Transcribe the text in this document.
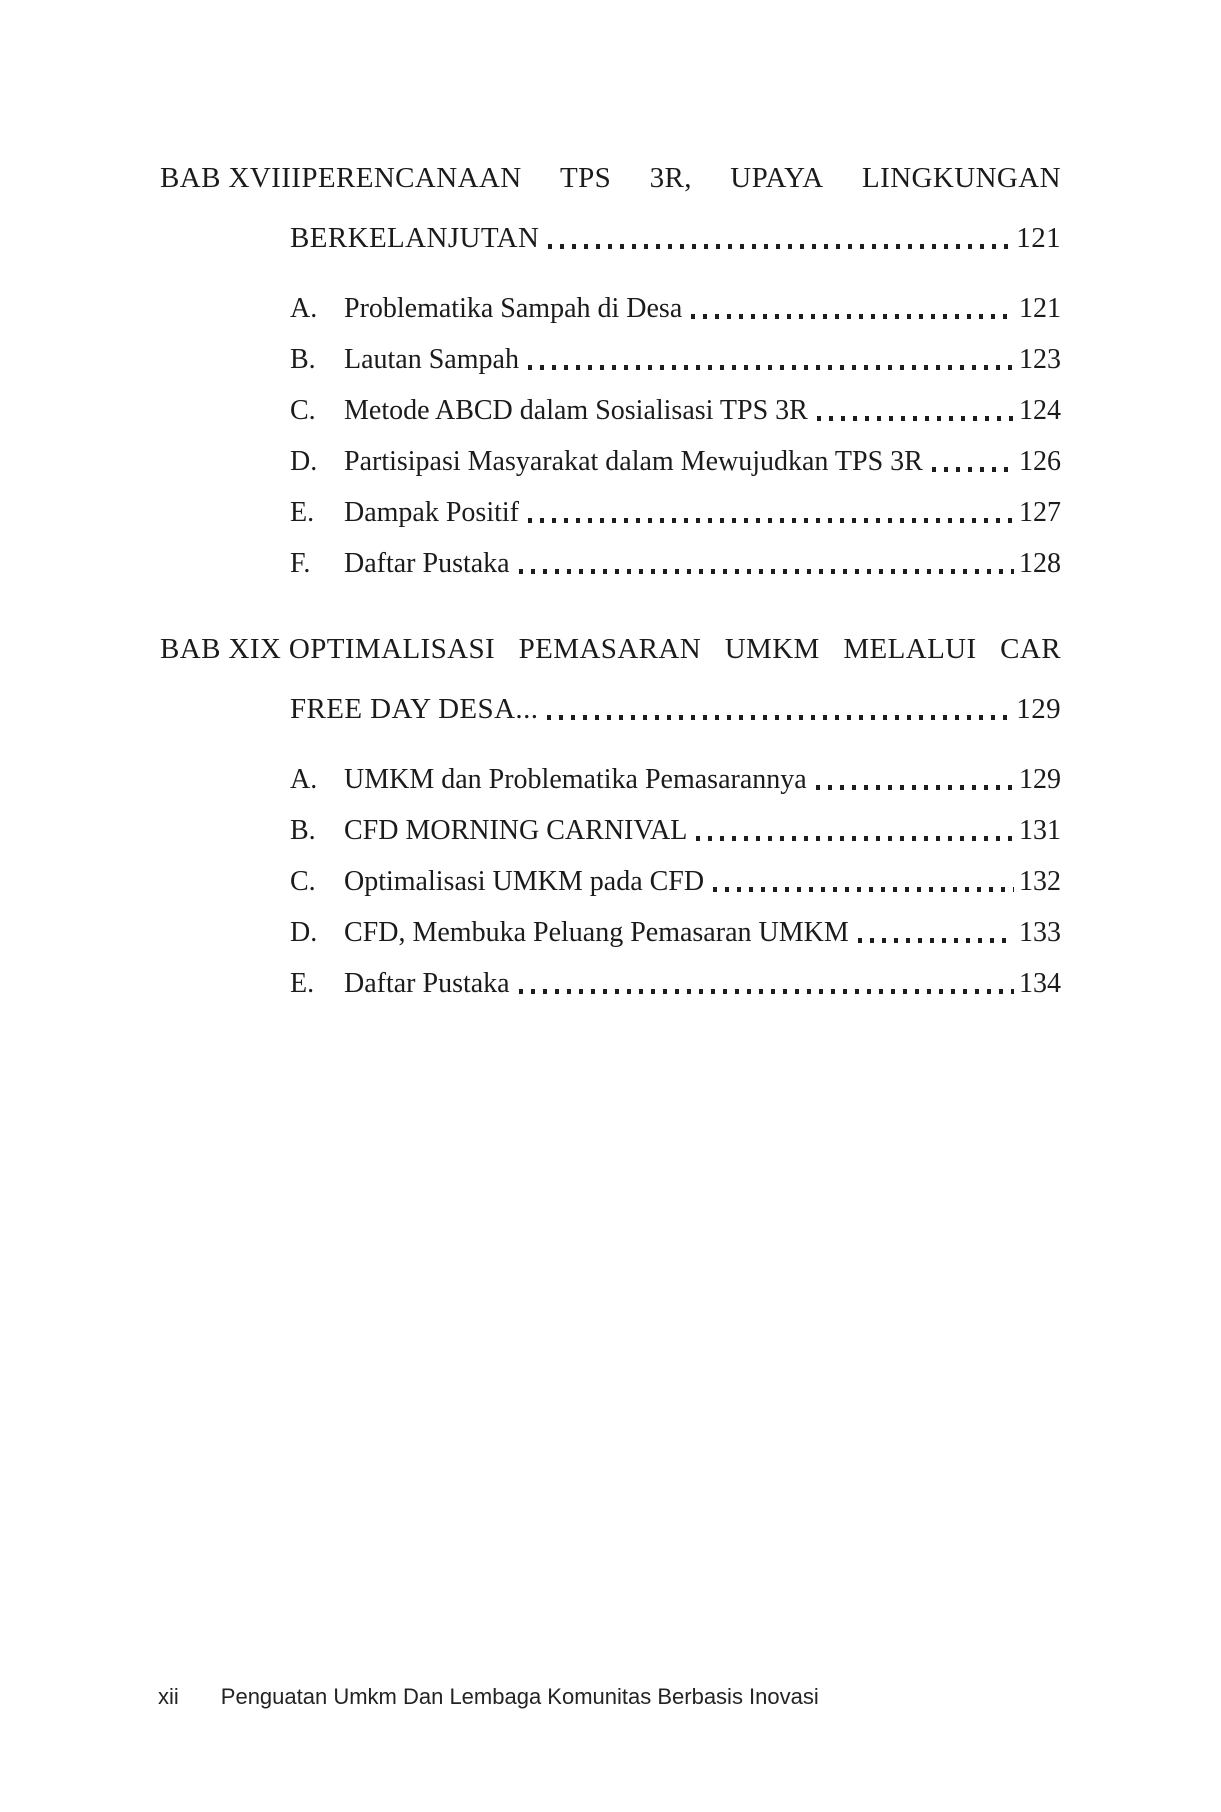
BAB XVIIIPERENCANAAN TPS 3R, UPAYA LINGKUNGAN
BERKELANJUTAN	121
A. Problematika Sampah di Desa	121
B.	Lautan Sampah	123
C.	Metode ABCD dalam Sosialisasi TPS 3R	124
D. Partisipasi Masyarakat dalam Mewujudkan TPS 3R	126
E.	Dampak Positif	127
F.	Daftar Pustaka	128
BAB XIX OPTIMALISASI PEMASARAN UMKM MELALUI CAR
FREE DAY DESA...	129
A. UMKM dan Problematika Pemasarannya	129
B.	CFD MORNING CARNIVAL	131
C.	Optimalisasi UMKM pada CFD	132
D. CFD, Membuka Peluang Pemasaran UMKM	133
E.	Daftar Pustaka	134
xii Penguatan Umkm Dan Lembaga Komunitas Berbasis Inovasi
